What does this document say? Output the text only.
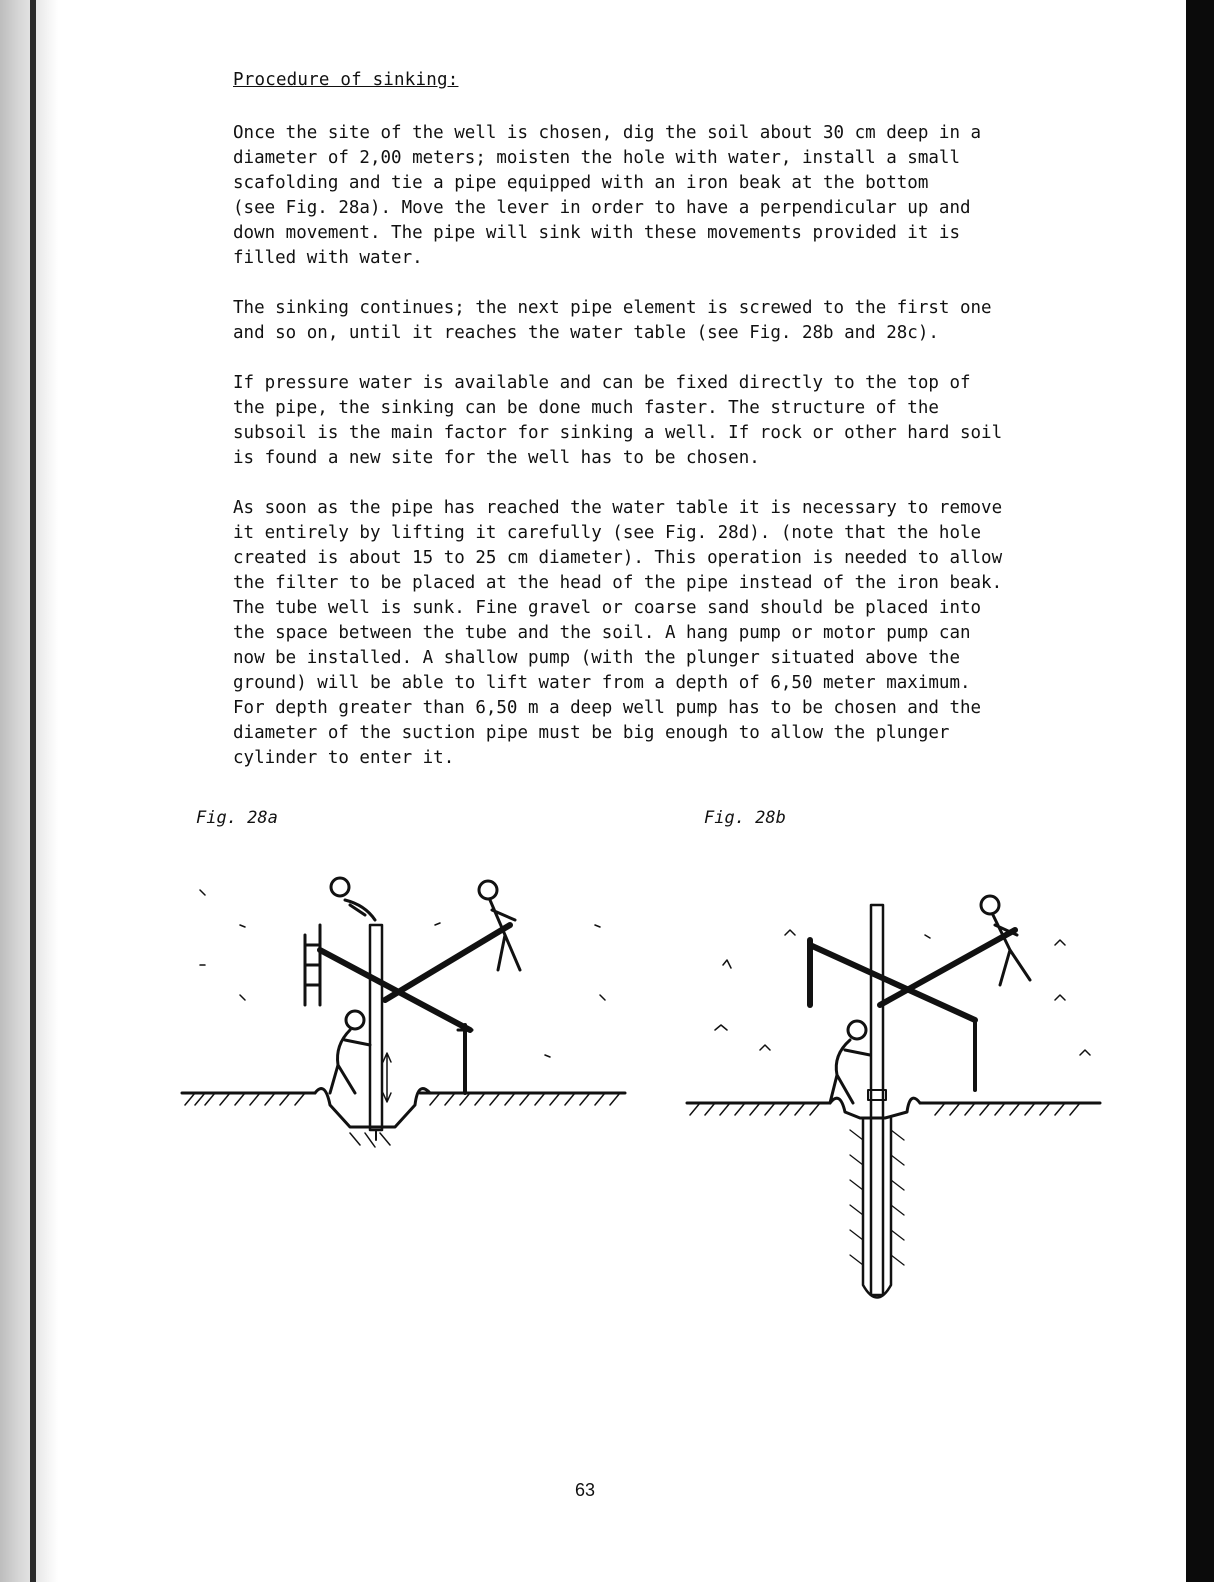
Procedure of sinking:

Once the site of the well is chosen, dig the soil about 30 cm deep in a
diameter of 2,00 meters; moisten the hole with water, install a small
scafolding and tie a pipe equipped with an iron beak at the bottom
(see Fig. 28a). Move the lever in order to have a perpendicular up and
down movement. The pipe will sink with these movements provided it is
filled with water.

The sinking continues; the next pipe element is screwed to the first one
and so on, until it reaches the water table (see Fig. 28b and 28c).

If pressure water is available and can be fixed directly to the top of
the pipe, the sinking can be done much faster. The structure of the
subsoil is the main factor for sinking a well. If rock or other hard soil
is found a new site for the well has to be chosen.

As soon as the pipe has reached the water table it is necessary to remove
it entirely by lifting it carefully (see Fig. 28d). (note that the hole
created is about 15 to 25 cm diameter). This operation is needed to allow
the filter to be placed at the head of the pipe instead of the iron beak.
The tube well is sunk. Fine gravel or coarse sand should be placed into
the space between the tube and the soil. A hang pump or motor pump can
now be installed. A shallow pump (with the plunger situated above the
ground) will be able to lift water from a depth of 6,50 meter maximum.
For depth greater than 6,50 m a deep well pump has to be chosen and the
diameter of the suction pipe must be big enough to allow the plunger
cylinder to enter it.

Fig. 28a	Fig. 28b
63
